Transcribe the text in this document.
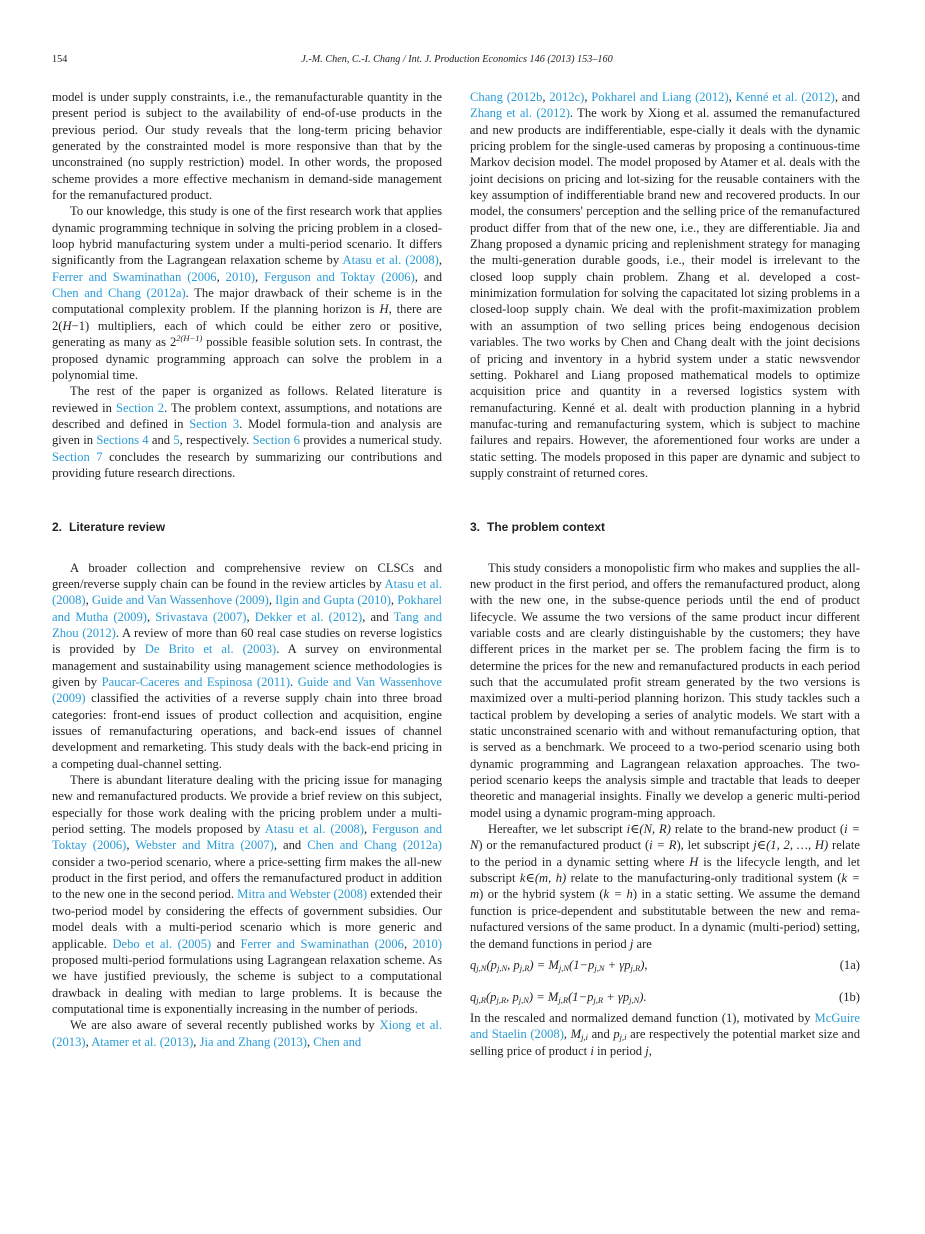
154	J.-M. Chen, C.-I. Chang / Int. J. Production Economics 146 (2013) 153–160

model is under supply constraints, i.e., the remanufacturable quantity in the present period is subject to the availability of end-of-use products in the previous period. Our study reveals that the long-term pricing behavior generated by the constrainted model is more responsive than that by the unconstrained (no supply restriction) model. In other words, the proposed scheme provides a more effective mechanism in demand-side management for the remanufactured product.

To our knowledge, this study is one of the first research work that applies dynamic programming technique in solving the pricing problem in a closed-loop hybrid manufacturing system under a multi-period scenario. It differs significantly from the Lagrangean relaxation scheme by Atasu et al. (2008), Ferrer and Swaminathan (2006, 2010), Ferguson and Toktay (2006), and Chen and Chang (2012a). The major drawback of their scheme is in the computational complexity problem. If the planning horizon is H, there are 2(H−1) multipliers, each of which could be either zero or positive, generating as many as $2^{2(H-1)}$ possible feasible solution sets. In contrast, the proposed dynamic programming approach can solve the problem in a polynomial time.

The rest of the paper is organized as follows. Related literature is reviewed in Section 2. The problem context, assumptions, and notations are described and defined in Section 3. Model formula-tion and analysis are given in Sections 4 and 5, respectively. Section 6 provides a numerical study. Section 7 concludes the research by summarizing our contributions and providing future research directions.

2. Literature review

A broader collection and comprehensive review on CLSCs and green/reverse supply chain can be found in the review articles by Atasu et al. (2008), Guide and Van Wassenhove (2009), Ilgin and Gupta (2010), Pokharel and Mutha (2009), Srivastava (2007), Dekker et al. (2012), and Tang and Zhou (2012). A review of more than 60 real case studies on reverse logistics is provided by De Brito et al. (2003). A survey on environmental management and sustainability using management science methodologies is given by Paucar-Caceres and Espinosa (2011). Guide and Van Wassenhove (2009) classified the activities of a reverse supply chain into three broad categories: front-end issues of product collection and acquisition, engine issues of remanufacturing operations, and back-end issues of channel development and remarketing. This study deals with the back-end pricing in a competing dual-channel setting.

There is abundant literature dealing with the pricing issue for managing new and remanufactured products. We provide a brief review on this subject, especially for those work dealing with the pricing problem under a multi-period setting. The models proposed by Atasu et al. (2008), Ferguson and Toktay (2006), Webster and Mitra (2007), and Chen and Chang (2012a) consider a two-period scenario, where a price-setting firm makes the all-new product in the first period, and offers the remanufactured product in addition to the new one in the second period. Mitra and Webster (2008) extended their two-period model by considering the effects of government subsidies. Our model deals with a multi-period scenario which is more generic and applicable. Debo et al. (2005) and Ferrer and Swaminathan (2006, 2010) proposed multi-period formulations using Lagrangean relaxation scheme. As we have justified previously, the scheme is subject to a computational drawback in dealing with median to large problems. It is because the computational time is exponentially increasing in the number of periods.

We are also aware of several recently published works by Xiong et al. (2013), Atamer et al. (2013), Jia and Zhang (2013), Chen and

Chang (2012b, 2012c), Pokharel and Liang (2012), Kenné et al. (2012), and Zhang et al. (2012). The work by Xiong et al. assumed the remanufactured and new products are indifferentiable, espe-cially it deals with the dynamic pricing problem for the single-used cameras by proposing a continuous-time Markov decision model. The model proposed by Atamer et al. deals with the joint decisions on pricing and lot-sizing for the reusable containers with the key assumption of indifferentiable brand new and recovered products. In our model, the consumers' perception and the selling price of the remanufactured product differ from that of the new one, i.e., they are differentiable. Jia and Zhang proposed a dynamic pricing and replenishment strategy for managing the multi-generation durable goods, i.e., their model is irrelevant to the closed loop supply chain problem. Zhang et al. developed a cost-minimization formulation for solving the capacitated lot sizing problems in a closed-loop supply chain. We deal with the profit-maximization problem with an assumption of two selling prices being endogenous decision variables. The two works by Chen and Chang dealt with the joint decisions of pricing and inventory in a hybrid system under a static newsvendor setting. Pokharel and Liang proposed mathematical models to optimize acquisition price and quantity in a reversed logistics system with remanufacturing. Kenné et al. dealt with production planning in a hybrid manufac-turing and remanufacturing system, which is subject to machine failures and repairs. However, the aforementioned four works are under a static setting. The models proposed in this paper are dynamic and subject to supply constraint of returned cores.

3. The problem context

This study considers a monopolistic firm who makes and supplies the all-new product in the first period, and offers the remanufactured product, along with the new one, in the subse-quence periods until the end of product lifecycle. We assume the two versions of the same product incur different variable costs and are clearly distinguishable by the customers; they have different prices in the market per se. The problem facing the firm is to determine the prices for the new and remanufactured products in each period such that the accumulated profit stream generated by the two versions is maximized over a multi-period planning horizon. This study tackles such a tactical problem by developing a series of analytic models. We start with a static unconstrained scenario with and without remanufacturing option, that is served as a benchmark. We proceed to a two-period scenario using both dynamic programming and Lagrangean relaxation approaches. The two-period scenario keeps the analysis simple and tractable that leads to deeper theoretic and managerial insights. Finally we develop a generic multi-period model using a dynamic program-ming approach.

Hereafter, we let subscript i∈(N, R) relate to the brand-new product (i = N) or the remanufactured product (i = R), let subscript j∈(1, 2, …, H) relate to the period in a dynamic setting where H is the lifecycle length, and let subscript k∈(m, h) relate to the manufacturing-only traditional system (k = m) or the hybrid system (k = h) in a static setting. We assume the demand function is price-dependent and substitutable between the new and rema-nufactured versions of the same product. In a dynamic (multi-period) setting, the demand functions in period j are

$q_{j,N}(p_{j,N}$, $p_{j,R}) = M_{j,N}(1-p_{j,N} + \gamma p_{j,R})$,	(1a)
$q_{j,R}(p_{j,R}$, $p_{j,N}) = M_{j,R}(1-p_{j,R} + \gamma p_{j,N})$.	(1b)

In the rescaled and normalized demand function (1), motivated by McGuire and Staelin (2008), $M_{j,i}$ and $p_{j,i}$ are respectively the potential market size and selling price of product i in period j,
